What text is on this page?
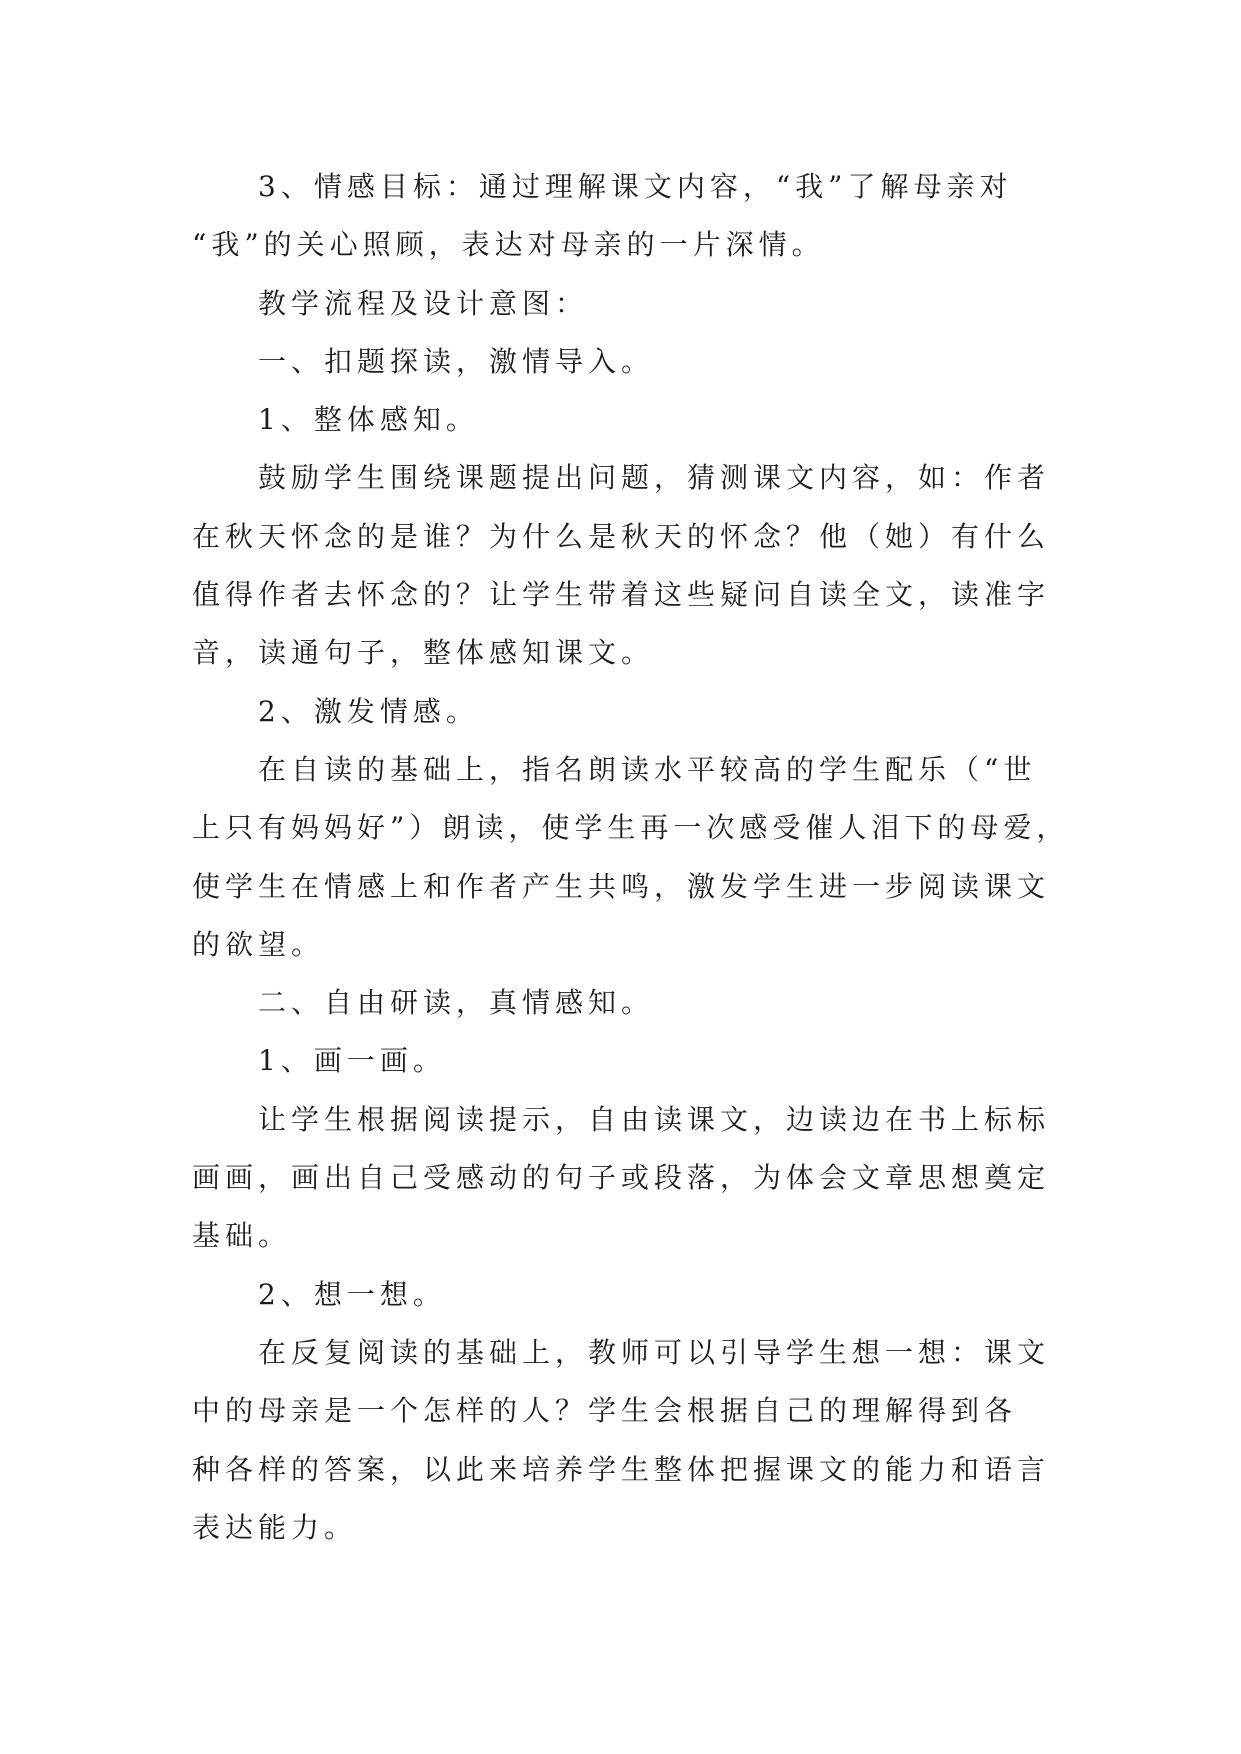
3、情感目标：通过理解课文内容，“我”了解母亲对
“我”的关心照顾，表达对母亲的一片深情。

教学流程及设计意图：

一、扣题探读，激情导入。

1、整体感知。

鼓励学生围绕课题提出问题，猜测课文内容，如：作者
在秋天怀念的是谁？为什么是秋天的怀念？他（她）有什么
值得作者去怀念的？让学生带着这些疑问自读全文，读准字
音，读通句子，整体感知课文。

2、激发情感。

在自读的基础上，指名朗读水平较高的学生配乐（“世
上只有妈妈好”）朗读，使学生再一次感受催人泪下的母爱，
使学生在情感上和作者产生共鸣，激发学生进一步阅读课文
的欲望。

二、自由研读，真情感知。

1、画一画。

让学生根据阅读提示，自由读课文，边读边在书上标标
画画，画出自己受感动的句子或段落，为体会文章思想奠定
基础。

2、想一想。

在反复阅读的基础上，教师可以引导学生想一想：课文
中的母亲是一个怎样的人？学生会根据自己的理解得到各
种各样的答案，以此来培养学生整体把握课文的能力和语言
表达能力。
